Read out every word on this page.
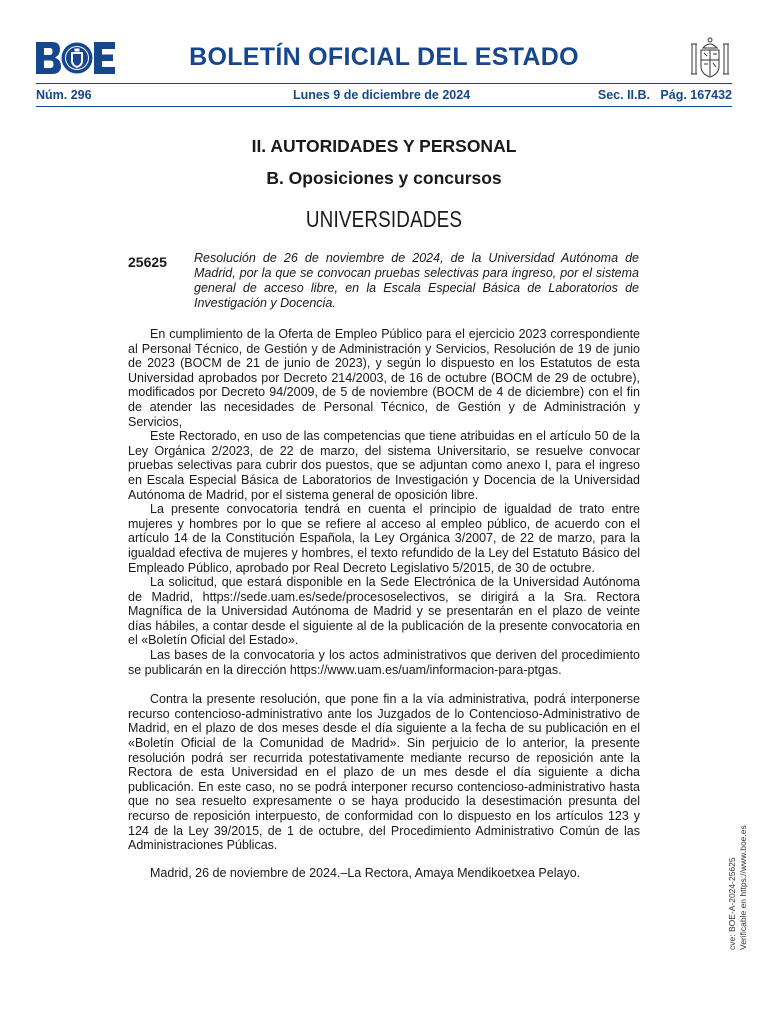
BOLETÍN OFICIAL DEL ESTADO
Núm. 296	Lunes 9 de diciembre de 2024	Sec. II.B.   Pág. 167432
II. AUTORIDADES Y PERSONAL
B. Oposiciones y concursos
UNIVERSIDADES
25625 Resolución de 26 de noviembre de 2024, de la Universidad Autónoma de Madrid, por la que se convocan pruebas selectivas para ingreso, por el sistema general de acceso libre, en la Escala Especial Básica de Laboratorios de Investigación y Docencia.

En cumplimiento de la Oferta de Empleo Público para el ejercicio 2023 correspondiente al Personal Técnico, de Gestión y de Administración y Servicios, Resolución de 19 de junio de 2023 (BOCM de 21 de junio de 2023), y según lo dispuesto en los Estatutos de esta Universidad aprobados por Decreto 214/2003, de 16 de octubre (BOCM de 29 de octubre), modificados por Decreto 94/2009, de 5 de noviembre (BOCM de 4 de diciembre) con el fin de atender las necesidades de Personal Técnico, de Gestión y de Administración y Servicios,

Este Rectorado, en uso de las competencias que tiene atribuidas en el artículo 50 de la Ley Orgánica 2/2023, de 22 de marzo, del sistema Universitario, se resuelve convocar pruebas selectivas para cubrir dos puestos, que se adjuntan como anexo I, para el ingreso en Escala Especial Básica de Laboratorios de Investigación y Docencia de la Universidad Autónoma de Madrid, por el sistema general de oposición libre.

La presente convocatoria tendrá en cuenta el principio de igualdad de trato entre mujeres y hombres por lo que se refiere al acceso al empleo público, de acuerdo con el artículo 14 de la Constitución Española, la Ley Orgánica 3/2007, de 22 de marzo, para la igualdad efectiva de mujeres y hombres, el texto refundido de la Ley del Estatuto Básico del Empleado Público, aprobado por Real Decreto Legislativo 5/2015, de 30 de octubre.

La solicitud, que estará disponible en la Sede Electrónica de la Universidad Autónoma de Madrid, https://sede.uam.es/sede/procesoselectivos, se dirigirá a la Sra. Rectora Magnífica de la Universidad Autónoma de Madrid y se presentarán en el plazo de veinte días hábiles, a contar desde el siguiente al de la publicación de la presente convocatoria en el «Boletín Oficial del Estado».

Las bases de la convocatoria y los actos administrativos que deriven del procedimiento se publicarán en la dirección https://www.uam.es/uam/informacion-para-ptgas.

Contra la presente resolución, que pone fin a la vía administrativa, podrá interponerse recurso contencioso-administrativo ante los Juzgados de lo Contencioso-Administrativo de Madrid, en el plazo de dos meses desde el día siguiente a la fecha de su publicación en el «Boletín Oficial de la Comunidad de Madrid». Sin perjuicio de lo anterior, la presente resolución podrá ser recurrida potestativamente mediante recurso de reposición ante la Rectora de esta Universidad en el plazo de un mes desde el día siguiente a dicha publicación. En este caso, no se podrá interponer recurso contencioso-administrativo hasta que no sea resuelto expresamente o se haya producido la desestimación presunta del recurso de reposición interpuesto, de conformidad con lo dispuesto en los artículos 123 y 124 de la Ley 39/2015, de 1 de octubre, del Procedimiento Administrativo Común de las Administraciones Públicas.

Madrid, 26 de noviembre de 2024.–La Rectora, Amaya Mendikoetxea Pelayo.	cve: BOE-A-2024-25625 Verificable en https://www.boe.es
